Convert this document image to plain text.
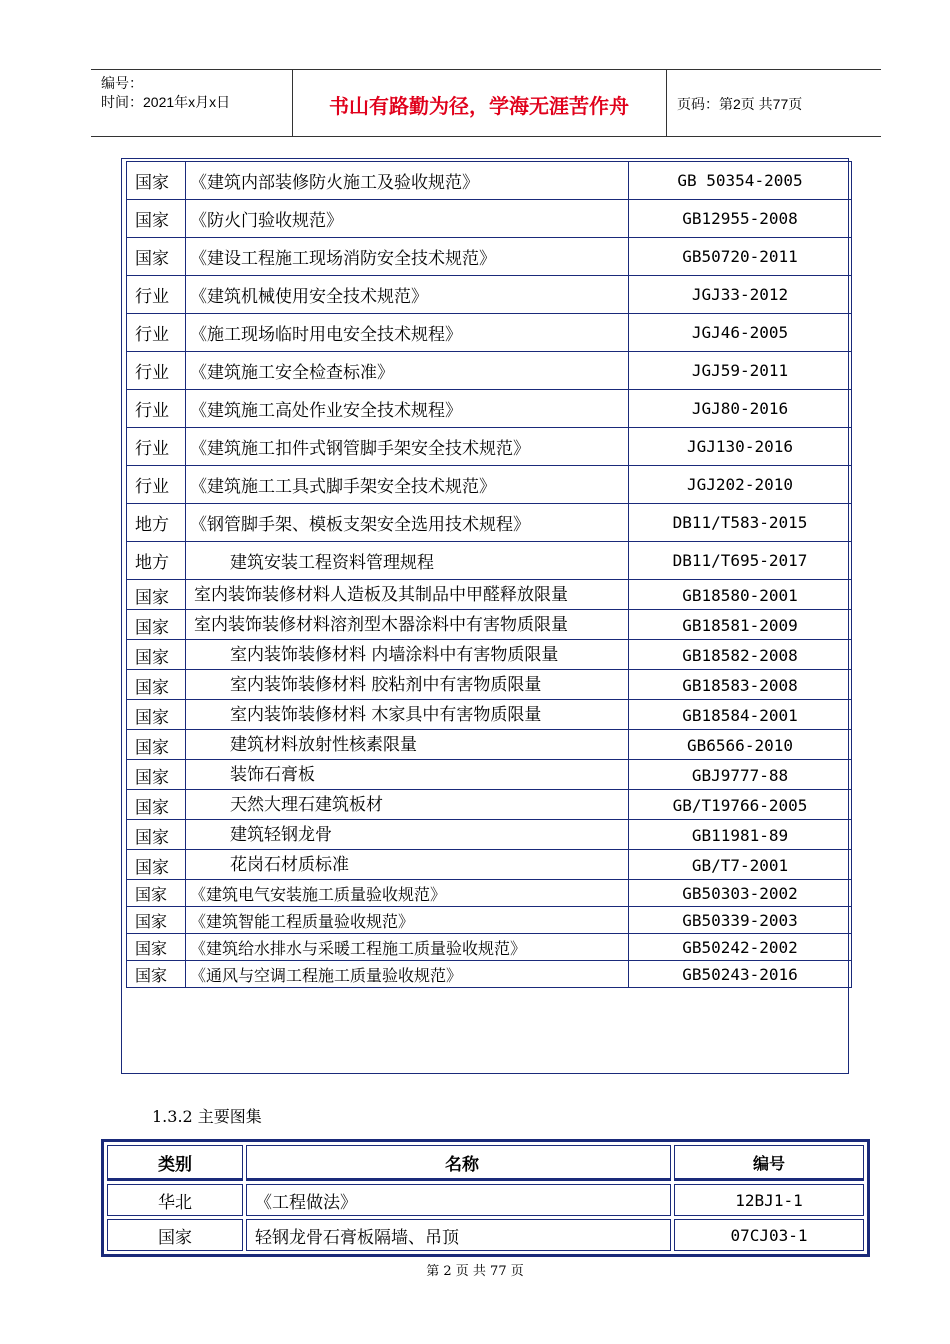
编号：
时间：2021年x月x日	书山有路勤为径，学海无涯苦作舟	页码：第2页 共77页
国家	《建筑内部装修防火施工及验收规范》	GB 50354-2005
国家	《防火门验收规范》	GB12955-2008
国家	《建设工程施工现场消防安全技术规范》	GB50720-2011
行业	《建筑机械使用安全技术规范》	JGJ33-2012
行业	《施工现场临时用电安全技术规程》	JGJ46-2005
行业	《建筑施工安全检查标准》	JGJ59-2011
行业	《建筑施工高处作业安全技术规程》	JGJ80-2016
行业	《建筑施工扣件式钢管脚手架安全技术规范》	JGJ130-2016
行业	《建筑施工工具式脚手架安全技术规范》	JGJ202-2010
地方	《钢管脚手架、模板支架安全选用技术规程》	DB11/T583-2015
地方	建筑安装工程资料管理规程	DB11/T695-2017
国家	室内装饰装修材料人造板及其制品中甲醛释放限量	GB18580-2001
国家	室内装饰装修材料溶剂型木器涂料中有害物质限量	GB18581-2009
国家	室内装饰装修材料 内墙涂料中有害物质限量	GB18582-2008
国家	室内装饰装修材料 胶粘剂中有害物质限量	GB18583-2008
国家	室内装饰装修材料 木家具中有害物质限量	GB18584-2001
国家	建筑材料放射性核素限量	GB6566-2010
国家	装饰石膏板	GBJ9777-88
国家	天然大理石建筑板材	GB/T19766-2005
国家	建筑轻钢龙骨	GB11981-89
国家	花岗石材质标准	GB/T7-2001
国家	《建筑电气安装施工质量验收规范》	GB50303-2002
国家	《建筑智能工程质量验收规范》	GB50339-2003
国家	《建筑给水排水与采暖工程施工质量验收规范》	GB50242-2002
国家	《通风与空调工程施工质量验收规范》	GB50243-2016
1.3.2 主要图集
类别	名称	编号
华北	《工程做法》	12BJ1-1
国家	轻钢龙骨石膏板隔墙、吊顶	07CJ03-1
第 2 页 共 77 页
